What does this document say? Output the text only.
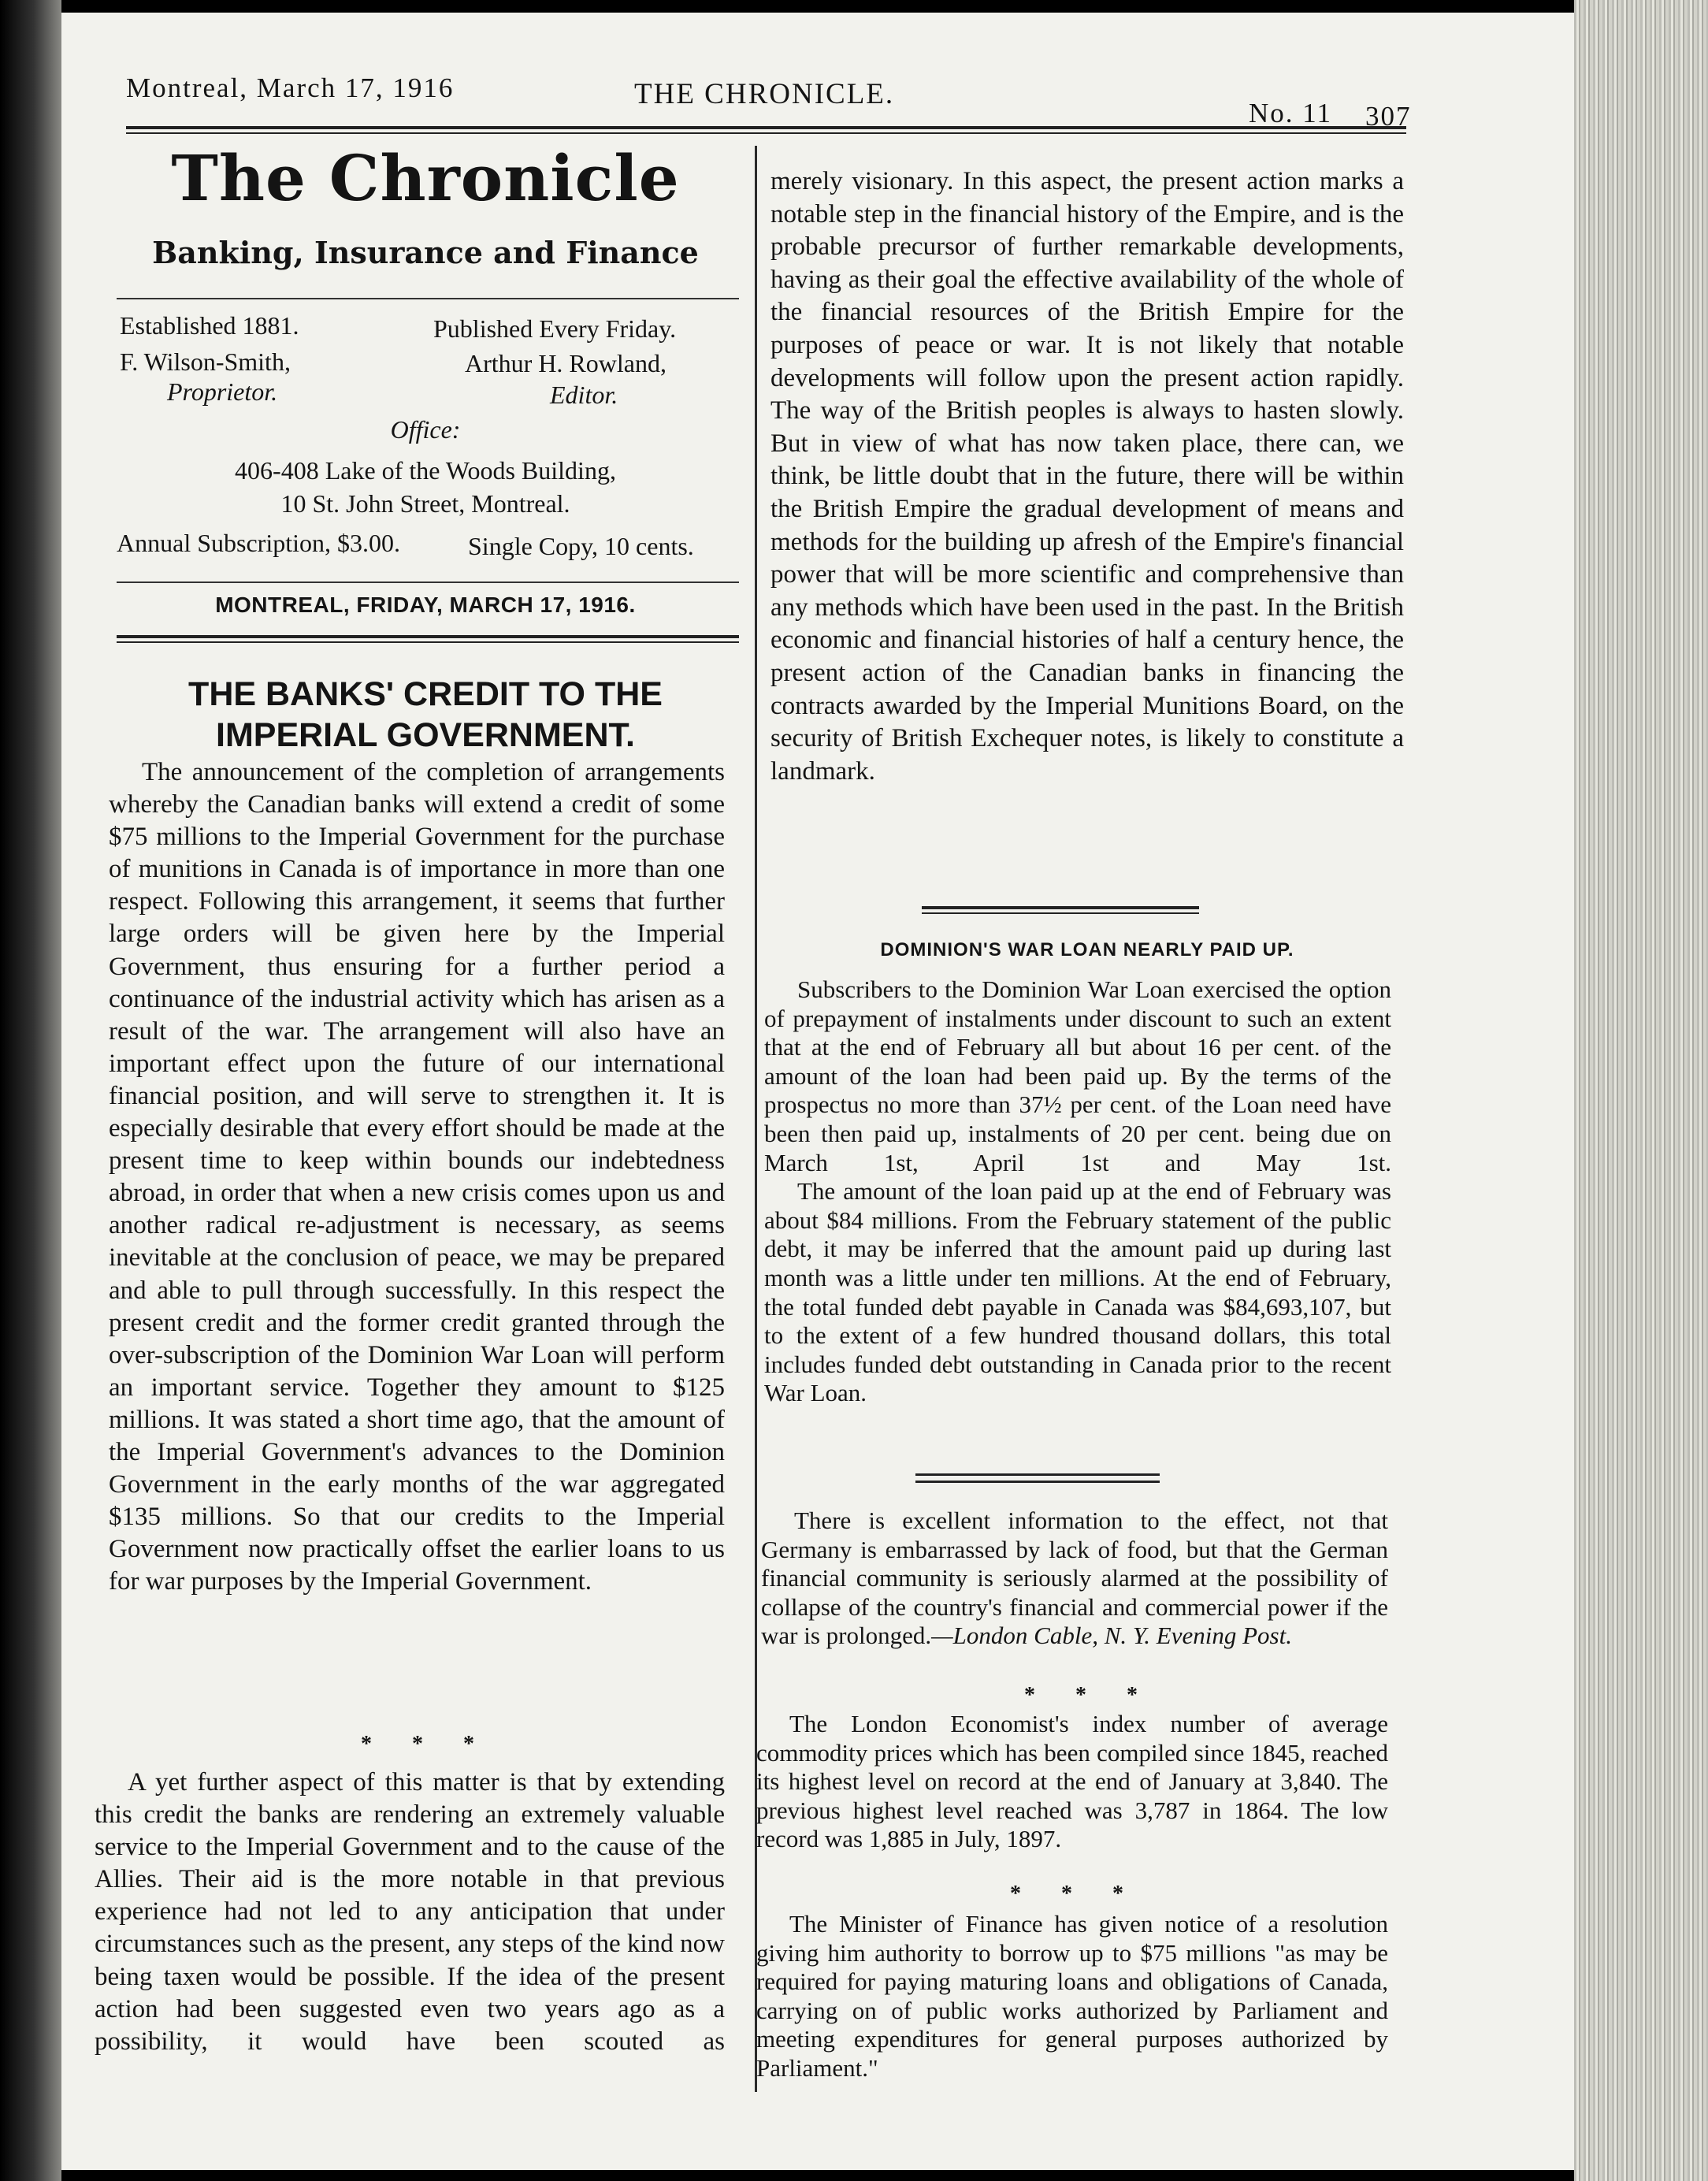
Montreal, March 17, 1916	THE CHRONICLE.
No. 11 307
The Chronicle
Banking, Insurance and Finance
Established 1881.	Published Every Friday.
F. Wilson-Smith,
Proprietor.
Arthur H. Rowland,
Editor.
Office:
406-408 Lake of the Woods Building,
10 St. John Street, Montreal.
Annual Subscription, $3.00.	Single Copy, 10 cents.
MONTREAL, FRIDAY, MARCH 17, 1916.
THE BANKS' CREDIT TO THE
IMPERIAL GOVERNMENT.

The announcement of the completion of arrangements whereby the Canadian banks will extend a credit of some $75 millions to the Imperial Government for the purchase of munitions in Canada is of importance in more than one respect. Following this arrangement, it seems that further large orders will be given here by the Imperial Government, thus ensuring for a further period a continuance of the industrial activity which has arisen as a result of the war. The arrangement will also have an important effect upon the future of our international financial position, and will serve to strengthen it. It is especially desirable that every effort should be made at the present time to keep within bounds our indebtedness abroad, in order that when a new crisis comes upon us and another radical re-adjustment is necessary, as seems inevitable at the conclusion of peace, we may be prepared and able to pull through successfully. In this respect the present credit and the former credit granted through the over-subscription of the Dominion War Loan will perform an important service. Together they amount to $125 millions. It was stated a short time ago, that the amount of the Imperial Government's advances to the Dominion Government in the early months of the war aggregated $135 millions. So that our credits to the Imperial Government now practically offset the earlier loans to us for war purposes by the Imperial Government.

* * *

A yet further aspect of this matter is that by extending this credit the banks are rendering an extremely valuable service to the Imperial Government and to the cause of the Allies. Their aid is the more notable in that previous experience had not led to any anticipation that under circumstances such as the present, any steps of the kind now being taxen would be possible. If the idea of the present action had been suggested even two years ago as a possibility, it would have been scouted as

merely visionary. In this aspect, the present action marks a notable step in the financial history of the Empire, and is the probable precursor of further remarkable developments, having as their goal the effective availability of the whole of the financial resources of the British Empire for the purposes of peace or war. It is not likely that notable developments will follow upon the present action rapidly. The way of the British peoples is always to hasten slowly. But in view of what has now taken place, there can, we think, be little doubt that in the future, there will be within the British Empire the gradual development of means and methods for the building up afresh of the Empire's financial power that will be more scientific and comprehensive than any methods which have been used in the past. In the British economic and financial histories of half a century hence, the present action of the Canadian banks in financing the contracts awarded by the Imperial Munitions Board, on the security of British Exchequer notes, is likely to constitute a landmark.

DOMINION'S WAR LOAN NEARLY PAID UP.

Subscribers to the Dominion War Loan exercised the option of prepayment of instalments under discount to such an extent that at the end of February all but about 16 per cent. of the amount of the loan had been paid up. By the terms of the prospectus no more than 37½ per cent. of the Loan need have been then paid up, instalments of 20 per cent. being due on March 1st, April 1st and May 1st.

The amount of the loan paid up at the end of February was about $84 millions. From the February statement of the public debt, it may be inferred that the amount paid up during last month was a little under ten millions. At the end of February, the total funded debt payable in Canada was $84,693,107, but to the extent of a few hundred thousand dollars, this total includes funded debt outstanding in Canada prior to the recent War Loan.

There is excellent information to the effect, not that Germany is embarrassed by lack of food, but that the German financial community is seriously alarmed at the possibility of collapse of the country's financial and commercial power if the war is prolonged.—London Cable, N. Y. Evening Post.

* * *

The London Economist's index number of average commodity prices which has been compiled since 1845, reached its highest level on record at the end of January at 3,840. The previous highest level reached was 3,787 in 1864. The low record was 1,885 in July, 1897.

* * *

The Minister of Finance has given notice of a resolution giving him authority to borrow up to $75 millions "as may be required for paying maturing loans and obligations of Canada, carrying on of public works authorized by Parliament and meeting expenditures for general purposes authorized by Parliament."
